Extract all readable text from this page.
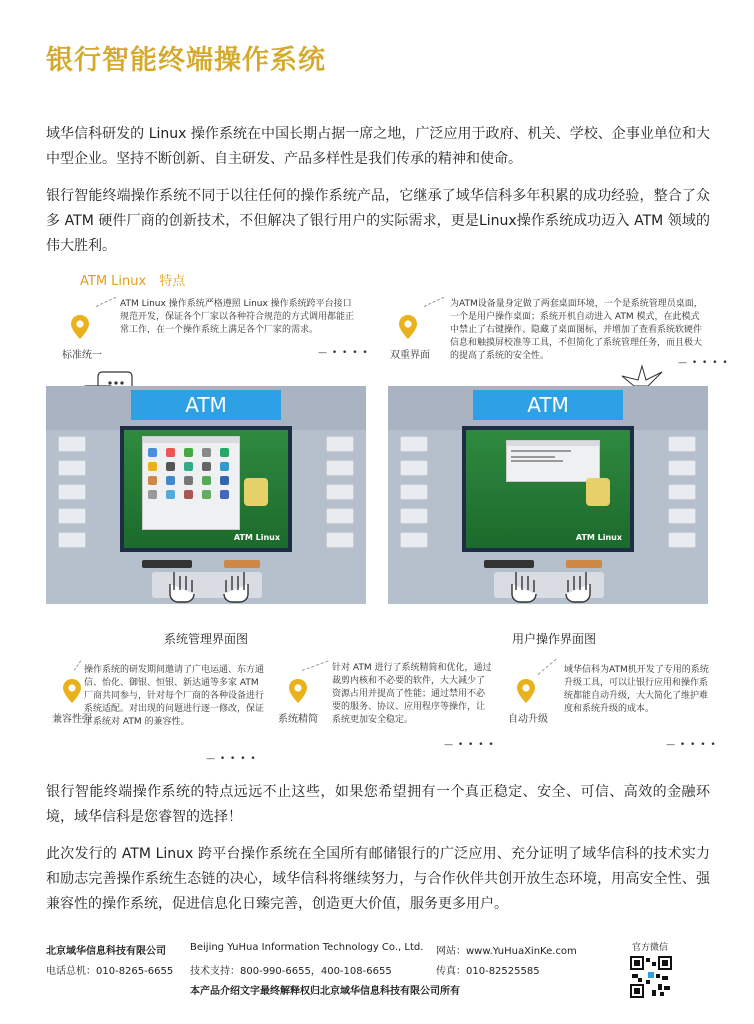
银行智能终端操作系统
域华信科研发的 Linux 操作系统在中国长期占据一席之地，广泛应用于政府、机关、学校、企事业单位和大中型企业。坚持不断创新、自主研发、产品多样性是我们传承的精神和使命。
银行智能终端操作系统不同于以往任何的操作系统产品，它继承了域华信科多年积累的成功经验，整合了众多 ATM 硬件厂商的创新技术，不但解决了银行用户的实际需求，更是Linux操作系统成功迈入 ATM 领域的伟大胜利。
ATM Linux　特点
标准统一
ATM Linux 操作系统严格遵照 Linux 操作系统跨平台接口规范开发，保证各个厂家以各种符合规范的方式调用都能正常工作，在一个操作系统上满足各个厂家的需求。
— • • • • 双重界面
为ATM设备量身定做了两套桌面环境，一个是系统管理员桌面，一个是用户操作桌面；系统开机自动进入 ATM 模式，在此模式中禁止了右键操作、隐藏了桌面图标，并增加了查看系统软硬件信息和触摸屏校准等工具，不但简化了系统管理任务，而且极大的提高了系统的安全性。
— • • • •
ATM
ATM Linux
ATM
ATM Linux
系统管理界面图	用户操作界面图
兼容性强
操作系统的研发期间邀请了广电运通、东方通信、怡化、御银、恒银、新达通等多家 ATM厂商共同参与，针对每个厂商的各种设备进行系统适配。对出现的问题进行逐一修改，保证了系统对 ATM 的兼容性。
— • • • •
系统精简
针对 ATM 进行了系统精简和优化，通过裁剪内核和不必要的软件，大大减少了资源占用并提高了性能；通过禁用不必要的服务、协议、应用程序等操作，让系统更加安全稳定。
— • • • •
自动升级
域华信科为ATM机开发了专用的系统升级工具，可以让银行应用和操作系统都能自动升级，大大简化了维护难度和系统升级的成本。
— • • • •
银行智能终端操作系统的特点远远不止这些，如果您希望拥有一个真正稳定、安全、可信、高效的金融环境，域华信科是您睿智的选择！
此次发行的 ATM Linux 跨平台操作系统在全国所有邮储银行的广泛应用、充分证明了域华信科的技术实力和励志完善操作系统生态链的决心，域华信科将继续努力，与合作伙伴共创开放生态环境，用高安全性、强兼容性的操作系统，促进信息化日臻完善，创造更大价值，服务更多用户。
北京域华信息科技有限公司 Beijing YuHua Information Technology Co., Ltd. 网站：www.YuHuaXinKe.com
电话总机：010-8265-6655 技术支持：800-990-6655，400-108-6655	传真：010-82525585
本产品介绍文字最终解释权归北京域华信息科技有限公司所有
官方微信
